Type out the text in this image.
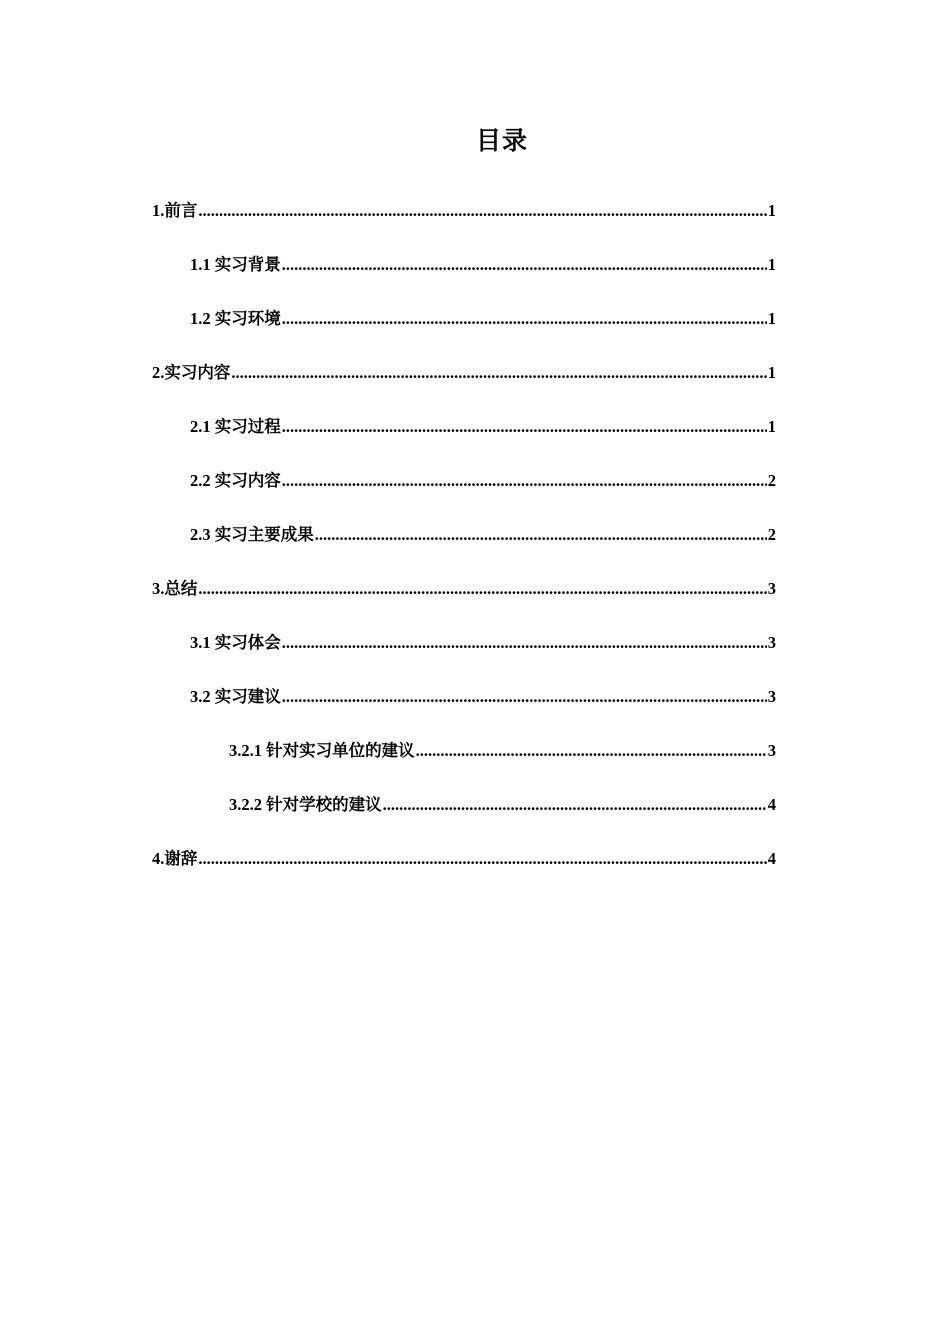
目录
1.前言 .....	1
1.1 实习背景 .....	1
1.2 实习环境 .....	1
2.实习内容 .....	1
2.1 实习过程 .....	1
2.2 实习内容 .....	2
2.3 实习主要成果 .....	2
3.总结 .....	3
3.1 实习体会 .....	3
3.2 实习建议 .....	3
3.2.1 针对实习单位的建议 .....	3
3.2.2 针对学校的建议 .....	4
4.谢辞 .....	4
